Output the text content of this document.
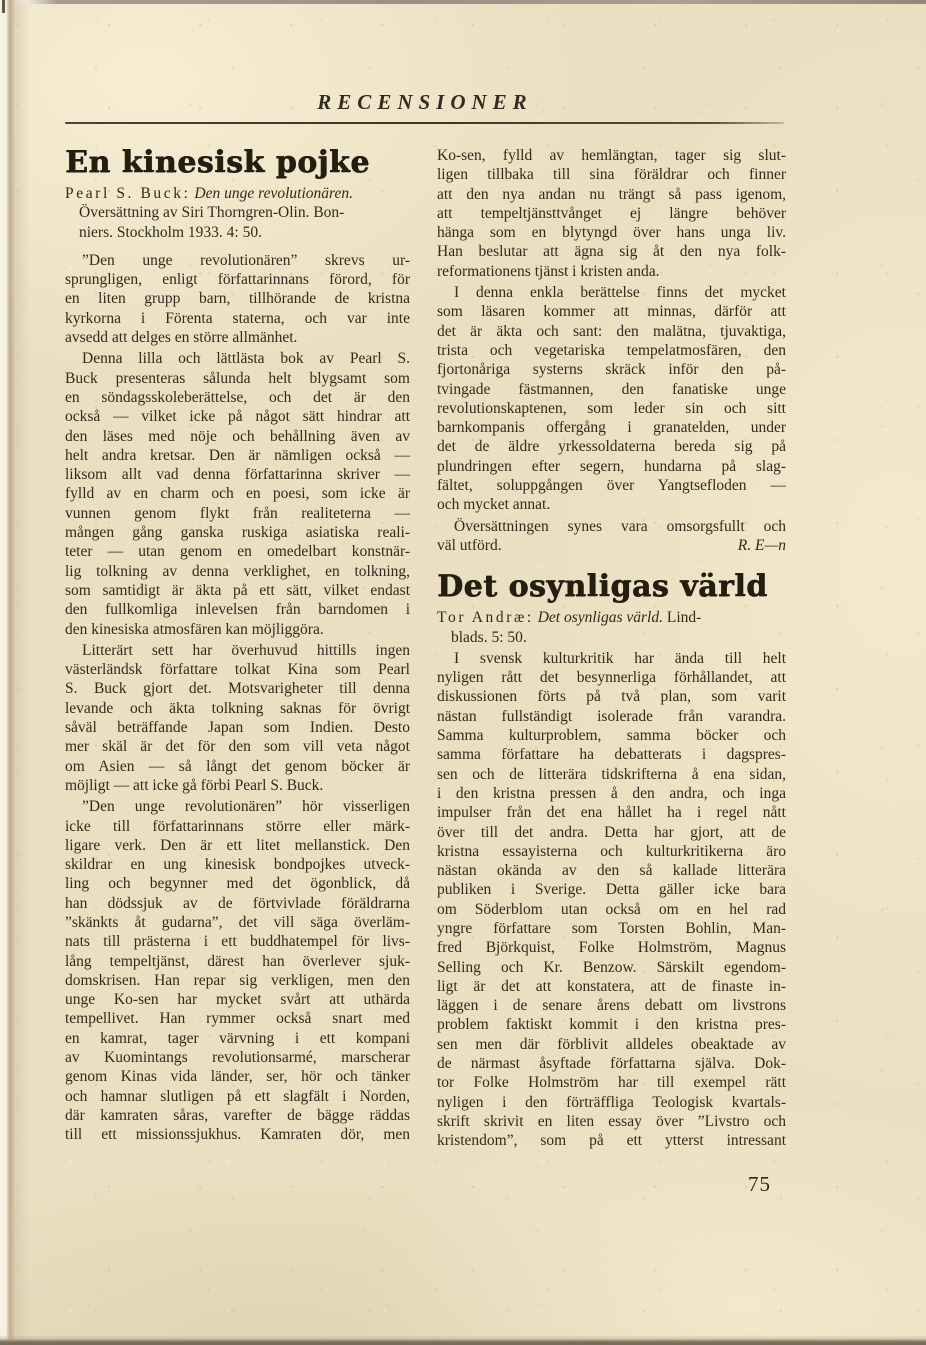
RECENSIONER
En kinesisk pojke
Pearl S. Buck: Den unge revolutionären.
Översättning av Siri Thorngren-Olin. Bon-
niers. Stockholm 1933. 4: 50.
”Den unge revolutionären” skrevs ur-
sprungligen, enligt författarinnans förord, för
en liten grupp barn, tillhörande de kristna
kyrkorna i Förenta staterna, och var inte
avsedd att delges en större allmänhet.
Denna lilla och lättlästa bok av Pearl S.
Buck presenteras sålunda helt blygsamt som
en söndagsskoleberättelse, och det är den
också — vilket icke på något sätt hindrar att
den läses med nöje och behållning även av
helt andra kretsar. Den är nämligen också —
liksom allt vad denna författarinna skriver —
fylld av en charm och en poesi, som icke är
vunnen genom flykt från realiteterna —
mången gång ganska ruskiga asiatiska reali-
teter — utan genom en omedelbart konstnär-
lig tolkning av denna verklighet, en tolkning,
som samtidigt är äkta på ett sätt, vilket endast
den fullkomliga inlevelsen från barndomen i
den kinesiska atmosfären kan möjliggöra.
Litterärt sett har överhuvud hittills ingen
västerländsk författare tolkat Kina som Pearl
S. Buck gjort det. Motsvarigheter till denna
levande och äkta tolkning saknas för övrigt
såväl beträffande Japan som Indien. Desto
mer skäl är det för den som vill veta något
om Asien — så långt det genom böcker är
möjligt — att icke gå förbi Pearl S. Buck.
”Den unge revolutionären” hör visserligen
icke till författarinnans större eller märk-
ligare verk. Den är ett litet mellanstick. Den
skildrar en ung kinesisk bondpojkes utveck-
ling och begynner med det ögonblick, då
han dödssjuk av de förtvivlade föräldrarna
”skänkts åt gudarna”, det vill säga överläm-
nats till prästerna i ett buddhatempel för livs-
lång tempeltjänst, därest han överlever sjuk-
domskrisen. Han repar sig verkligen, men den
unge Ko-sen har mycket svårt att uthärda
tempellivet. Han rymmer också snart med
en kamrat, tager värvning i ett kompani
av Kuomintangs revolutionsarmé, marscherar
genom Kinas vida länder, ser, hör och tänker
och hamnar slutligen på ett slagfält i Norden,
där kamraten såras, varefter de bägge räddas
till ett missionssjukhus. Kamraten dör, men
Ko-sen, fylld av hemlängtan, tager sig slut-
ligen tillbaka till sina föräldrar och finner
att den nya andan nu trängt så pass igenom,
att tempeltjänsttvånget ej längre behöver
hänga som en blytyngd över hans unga liv.
Han beslutar att ägna sig åt den nya folk-
reformationens tjänst i kristen anda.
I denna enkla berättelse finns det mycket
som läsaren kommer att minnas, därför att
det är äkta och sant: den malätna, tjuvaktiga,
trista och vegetariska tempelatmosfären, den
fjortonåriga systerns skräck inför den på-
tvingade fästmannen, den fanatiske unge
revolutionskaptenen, som leder sin och sitt
barnkompanis offergång i granatelden, under
det de äldre yrkessoldaterna bereda sig på
plundringen efter segern, hundarna på slag-
fältet, soluppgången över Yangtsefloden —
och mycket annat.
Översättningen synes vara omsorgsfullt och
väl utförd.	R. E—n
Det osynligas värld
Tor Andræ: Det osynligas värld. Lind-
blads. 5: 50.
I svensk kulturkritik har ända till helt
nyligen rått det besynnerliga förhållandet, att
diskussionen förts på två plan, som varit
nästan fullständigt isolerade från varandra.
Samma kulturproblem, samma böcker och
samma författare ha debatterats i dagspres-
sen och de litterära tidskrifterna å ena sidan,
i den kristna pressen å den andra, och inga
impulser från det ena hållet ha i regel nått
över till det andra. Detta har gjort, att de
kristna essayisterna och kulturkritikerna äro
nästan okända av den så kallade litterära
publiken i Sverige. Detta gäller icke bara
om Söderblom utan också om en hel rad
yngre författare som Torsten Bohlin, Man-
fred Björkquist, Folke Holmström, Magnus
Selling och Kr. Benzow. Särskilt egendom-
ligt är det att konstatera, att de finaste in-
läggen i de senare årens debatt om livstrons
problem faktiskt kommit i den kristna pres-
sen men där förblivit alldeles obeaktade av
de närmast åsyftade författarna själva. Dok-
tor Folke Holmström har till exempel rätt
nyligen i den förträffliga Teologisk kvartals-
skrift skrivit en liten essay över ”Livstro och
kristendom”, som på ett ytterst intressant
75
